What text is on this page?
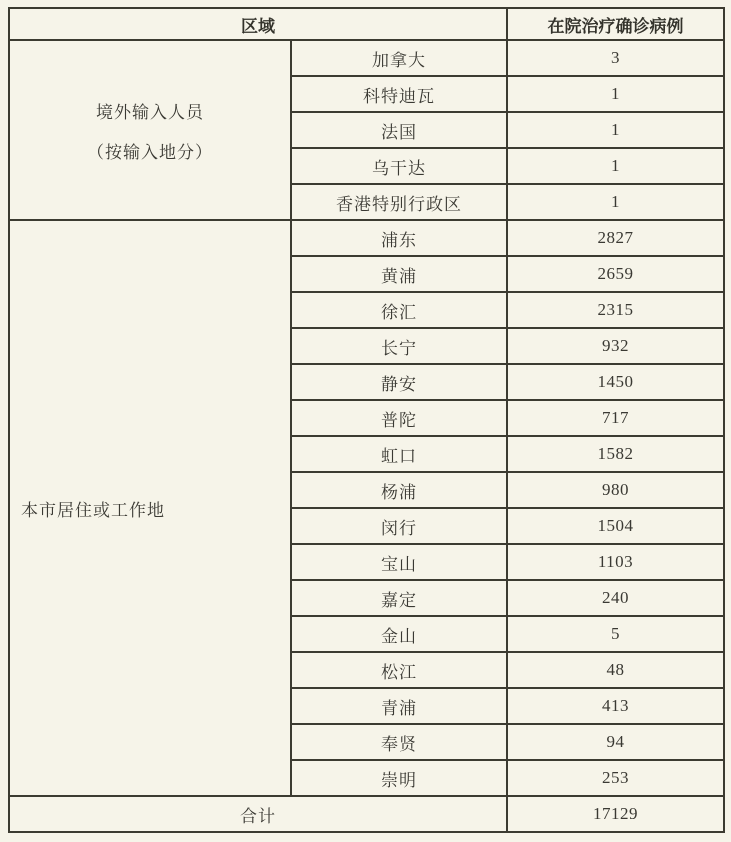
区域		在院治疗确诊病例

境外输入人员
（按输入地分）	加拿大	3
	科特迪瓦	1
	法国	1
	乌干达	1
	香港特别行政区	1

本市居住或工作地	浦东	2827
	黄浦	2659
	徐汇	2315
	长宁	932
	静安	1450
	普陀	717
	虹口	1582
	杨浦	980
	闵行	1504
	宝山	1103
	嘉定	240
	金山	5
	松江	48
	青浦	413
	奉贤	94
	崇明	253
合计		17129
